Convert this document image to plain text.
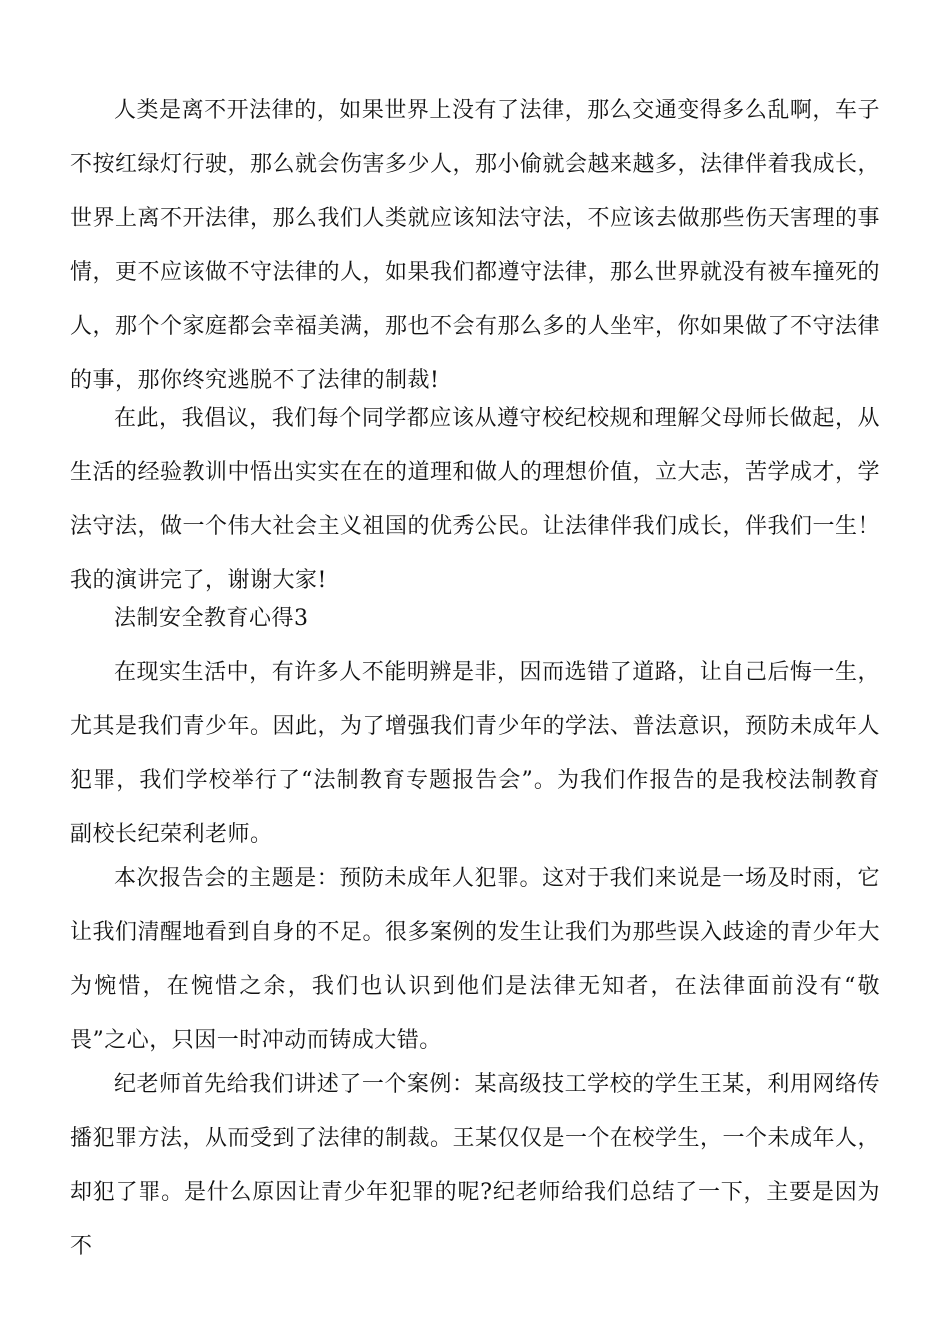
人类是离不开法律的，如果世界上没有了法律，那么交通变得多么乱啊，车子不按红绿灯行驶，那么就会伤害多少人，那小偷就会越来越多，法律伴着我成长，世界上离不开法律，那么我们人类就应该知法守法，不应该去做那些伤天害理的事情，更不应该做不守法律的人，如果我们都遵守法律，那么世界就没有被车撞死的人，那个个家庭都会幸福美满，那也不会有那么多的人坐牢，你如果做了不守法律的事，那你终究逃脱不了法律的制裁!

在此，我倡议，我们每个同学都应该从遵守校纪校规和理解父母师长做起，从生活的经验教训中悟出实实在在的道理和做人的理想价值，立大志，苦学成才，学法守法，做一个伟大社会主义祖国的优秀公民。让法律伴我们成长，伴我们一生！我的演讲完了，谢谢大家!

法制安全教育心得3

在现实生活中，有许多人不能明辨是非，因而选错了道路，让自己后悔一生，尤其是我们青少年。因此，为了增强我们青少年的学法、普法意识，预防未成年人犯罪，我们学校举行了“法制教育专题报告会”。为我们作报告的是我校法制教育副校长纪荣利老师。

本次报告会的主题是：预防未成年人犯罪。这对于我们来说是一场及时雨，它让我们清醒地看到自身的不足。很多案例的发生让我们为那些误入歧途的青少年大为惋惜，在惋惜之余，我们也认识到他们是法律无知者，在法律面前没有“敬畏”之心，只因一时冲动而铸成大错。

纪老师首先给我们讲述了一个案例：某高级技工学校的学生王某，利用网络传播犯罪方法，从而受到了法律的制裁。王某仅仅是一个在校学生，一个未成年人，却犯了罪。是什么原因让青少年犯罪的呢?纪老师给我们总结了一下，主要是因为不
